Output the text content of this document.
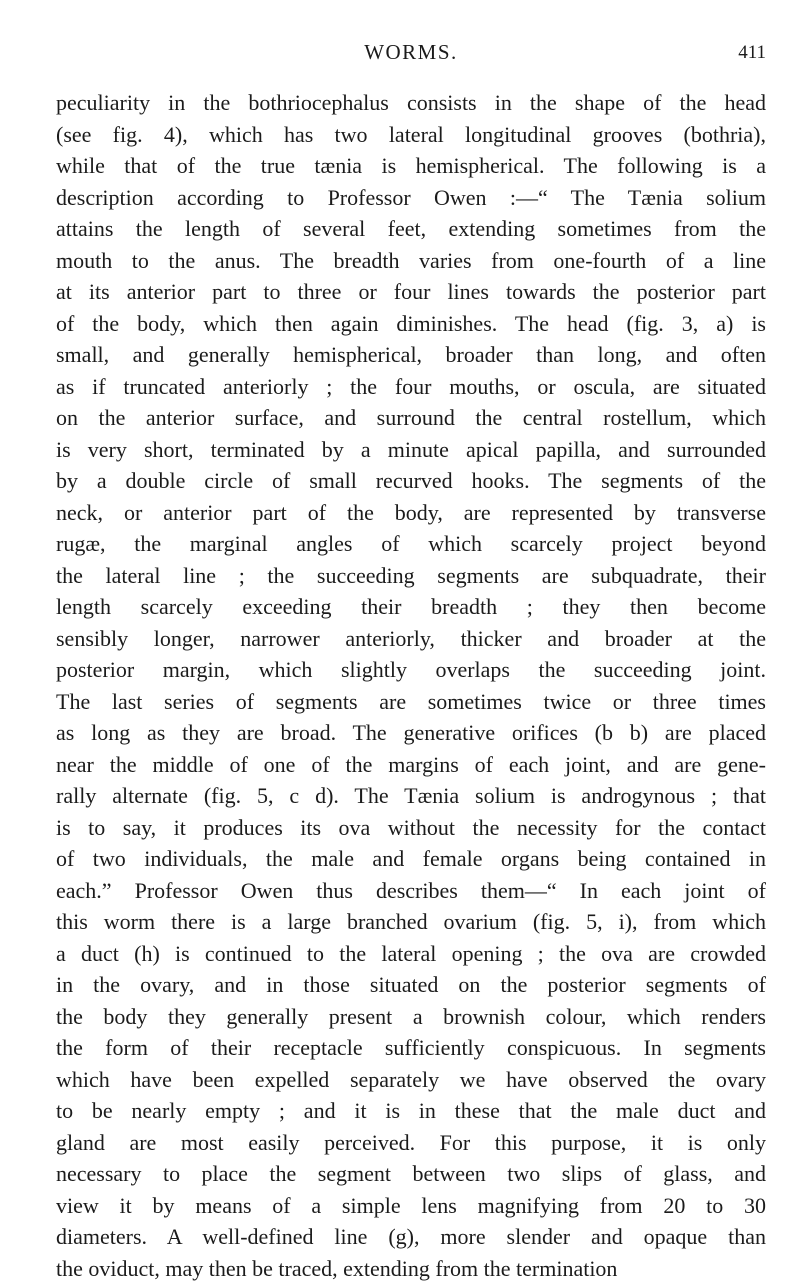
WORMS.	411
peculiarity in the bothriocephalus consists in the shape of the head
(see fig. 4), which has two lateral longitudinal grooves (bothria),
while that of the true tænia is hemispherical. The following is a
description according to Professor Owen :—“ The Tænia solium
attains the length of several feet, extending sometimes from the
mouth to the anus. The breadth varies from one-fourth of a line
at its anterior part to three or four lines towards the posterior part
of the body, which then again diminishes. The head (fig. 3, a) is
small, and generally hemispherical, broader than long, and often
as if truncated anteriorly ; the four mouths, or oscula, are situated
on the anterior surface, and surround the central rostellum, which
is very short, terminated by a minute apical papilla, and surrounded
by a double circle of small recurved hooks. The segments of the
neck, or anterior part of the body, are represented by transverse
rugæ, the marginal angles of which scarcely project beyond
the lateral line ; the succeeding segments are subquadrate, their
length scarcely exceeding their breadth ; they then become
sensibly longer, narrower anteriorly, thicker and broader at the
posterior margin, which slightly overlaps the succeeding joint.
The last series of segments are sometimes twice or three times
as long as they are broad. The generative orifices (b b) are placed
near the middle of one of the margins of each joint, and are gene-
rally alternate (fig. 5, c d). The Tænia solium is androgynous ; that
is to say, it produces its ova without the necessity for the contact
of two individuals, the male and female organs being contained in
each.” Professor Owen thus describes them—“ In each joint of
this worm there is a large branched ovarium (fig. 5, i), from which
a duct (h) is continued to the lateral opening ; the ova are crowded
in the ovary, and in those situated on the posterior segments of
the body they generally present a brownish colour, which renders
the form of their receptacle sufficiently conspicuous. In segments
which have been expelled separately we have observed the ovary
to be nearly empty ; and it is in these that the male duct and
gland are most easily perceived. For this purpose, it is only
necessary to place the segment between two slips of glass, and
view it by means of a simple lens magnifying from 20 to 30
diameters. A well-defined line (g), more slender and opaque than
the oviduct, may then be traced, extending from the termination
